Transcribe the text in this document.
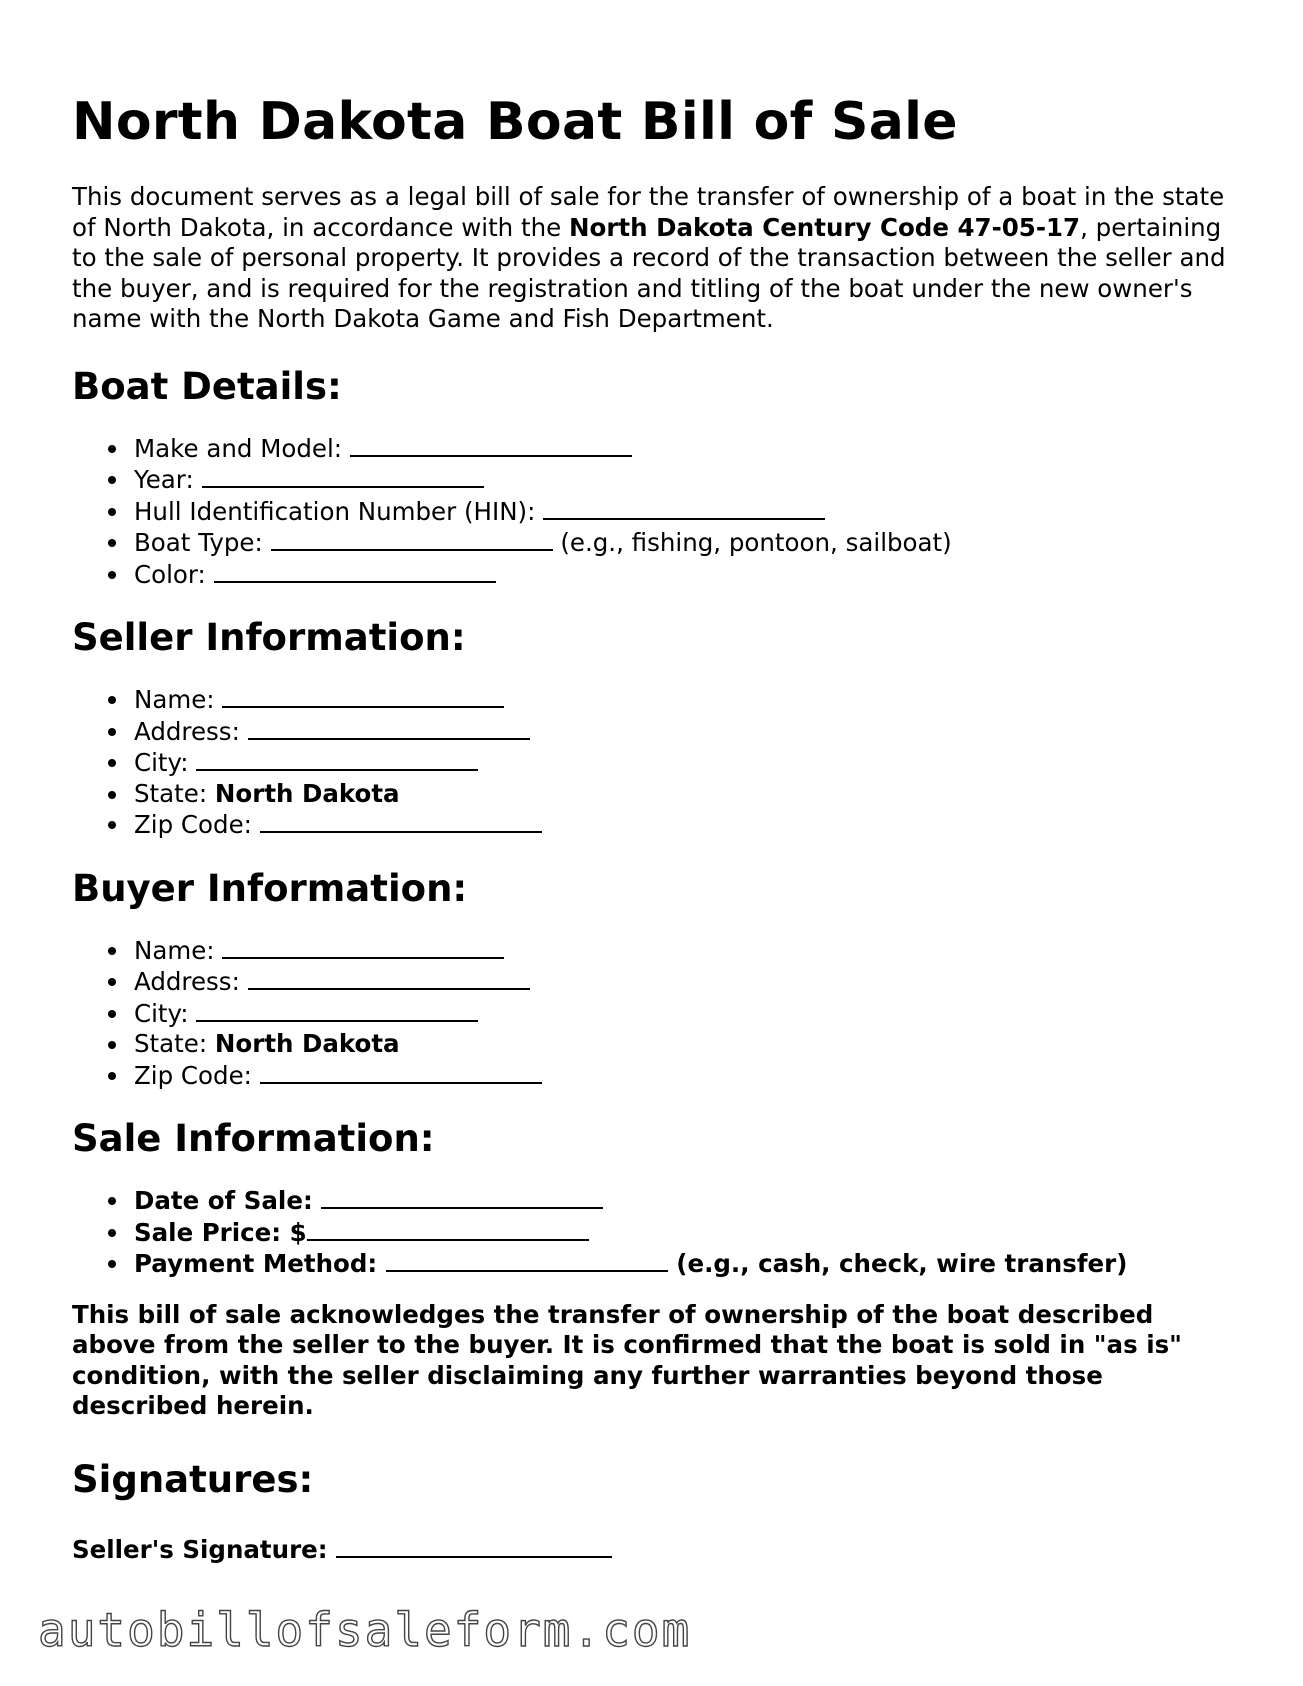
North Dakota Boat Bill of Sale

This document serves as a legal bill of sale for the transfer of ownership of a boat in the state of North Dakota, in accordance with the North Dakota Century Code 47-05-17, pertaining to the sale of personal property. It provides a record of the transaction between the seller and the buyer, and is required for the registration and titling of the boat under the new owner's name with the North Dakota Game and Fish Department.

Boat Details:
Make and Model:
Year:
Hull Identification Number (HIN):
Boat Type:	(e.g., fishing, pontoon, sailboat)
Color:
Seller Information:
Name:
Address:
City:
State: North Dakota
Zip Code:
Buyer Information:
Name:
Address:
City:
State: North Dakota
Zip Code:
Sale Information:
Date of Sale:
Sale Price: $
Payment Method:	(e.g., cash, check, wire transfer)

This bill of sale acknowledges the transfer of ownership of the boat described above from the seller to the buyer. It is confirmed that the boat is sold in "as is" condition, with the seller disclaiming any further warranties beyond those described herein.

Signatures:
Seller's Signature:
autobillofsaleform.com
